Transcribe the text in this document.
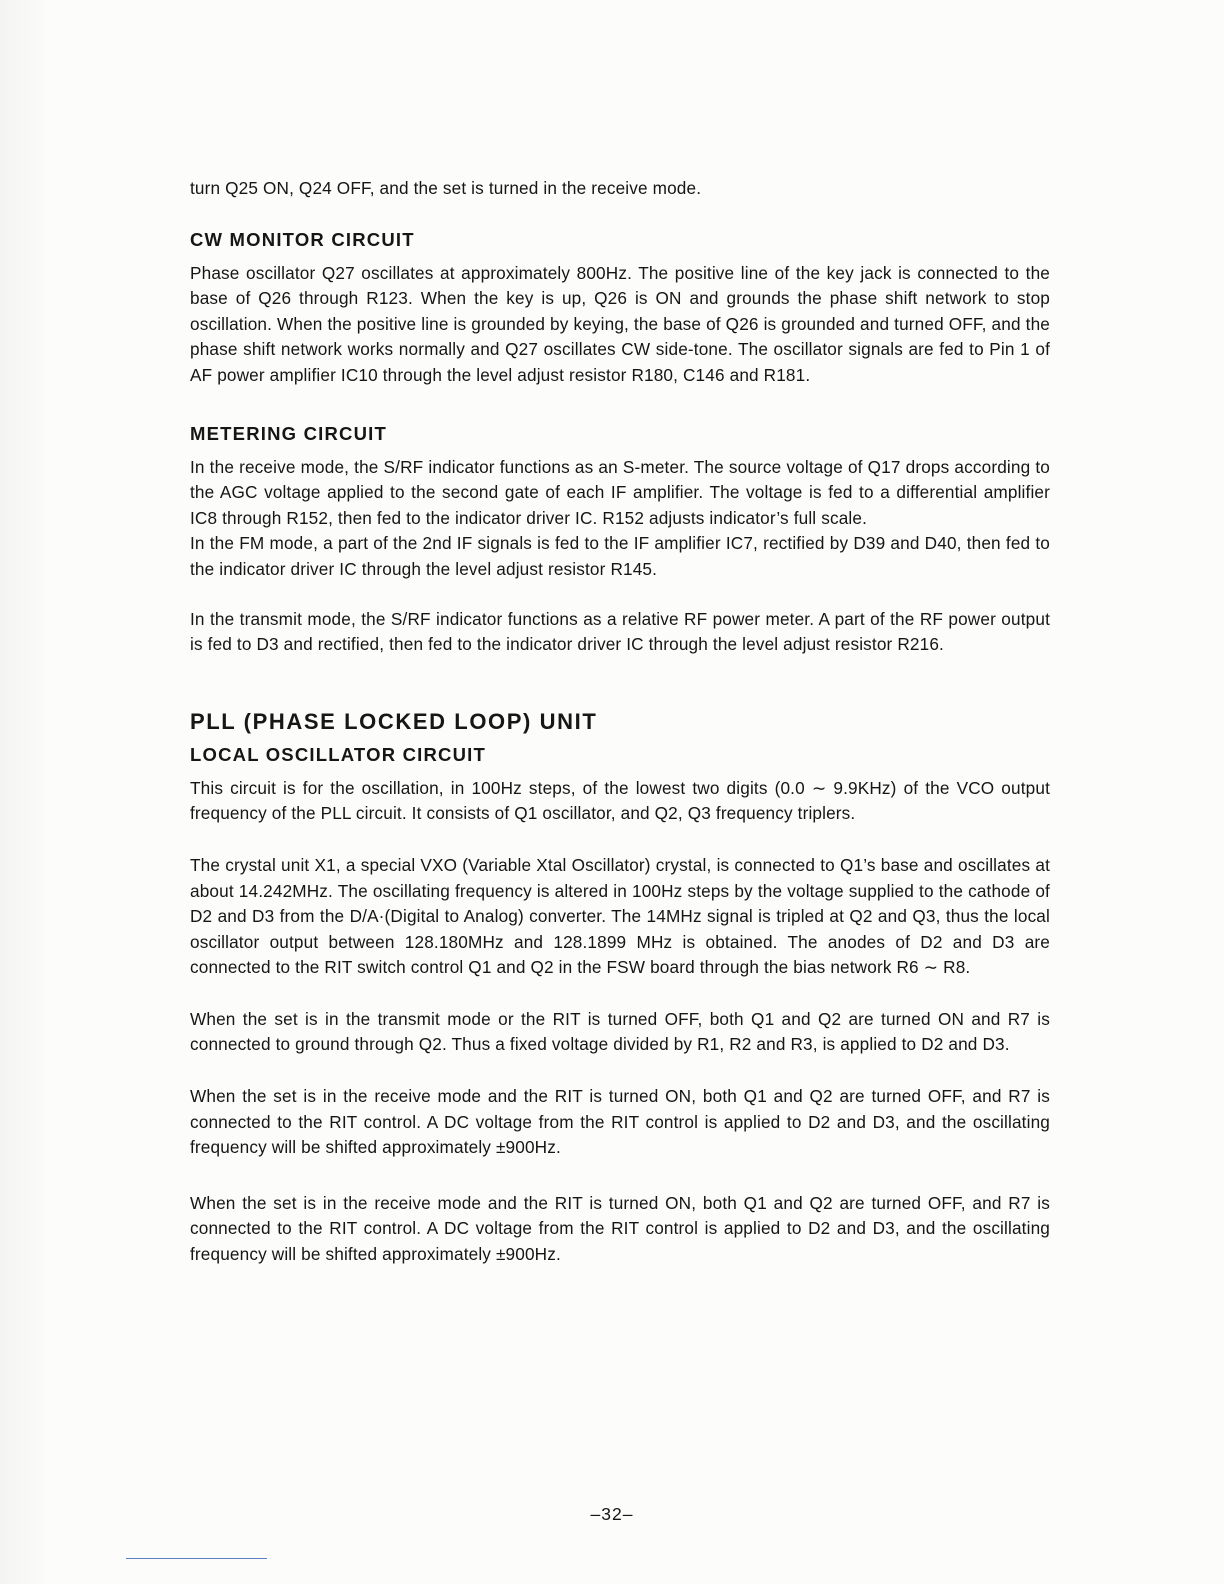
turn Q25 ON, Q24 OFF, and the set is turned in the receive mode.

CW MONITOR CIRCUIT

Phase oscillator Q27 oscillates at approximately 800Hz. The positive line of the key jack is connected to the base of Q26 through R123. When the key is up, Q26 is ON and grounds the phase shift network to stop oscillation. When the positive line is grounded by keying, the base of Q26 is grounded and turned OFF, and the phase shift network works normally and Q27 oscillates CW side-tone. The oscillator signals are fed to Pin 1 of AF power amplifier IC10 through the level adjust resistor R180, C146 and R181.

METERING CIRCUIT

In the receive mode, the S/RF indicator functions as an S-meter. The source voltage of Q17 drops according to the AGC voltage applied to the second gate of each IF amplifier. The voltage is fed to a differential amplifier IC8 through R152, then fed to the indicator driver IC. R152 adjusts indicator’s full scale.

In the FM mode, a part of the 2nd IF signals is fed to the IF amplifier IC7, rectified by D39 and D40, then fed to the indicator driver IC through the level adjust resistor R145.

In the transmit mode, the S/RF indicator functions as a relative RF power meter. A part of the RF power output is fed to D3 and rectified, then fed to the indicator driver IC through the level adjust resistor R216.

PLL (PHASE LOCKED LOOP) UNIT
LOCAL OSCILLATOR CIRCUIT

This circuit is for the oscillation, in 100Hz steps, of the lowest two digits (0.0 ∼ 9.9KHz) of the VCO output frequency of the PLL circuit. It consists of Q1 oscillator, and Q2, Q3 frequency triplers.

The crystal unit X1, a special VXO (Variable Xtal Oscillator) crystal, is connected to Q1’s base and oscillates at about 14.242MHz. The oscillating frequency is altered in 100Hz steps by the voltage supplied to the cathode of D2 and D3 from the D/A·(Digital to Analog) converter. The 14MHz signal is tripled at Q2 and Q3, thus the local oscillator output between 128.180MHz and 128.1899 MHz is obtained. The anodes of D2 and D3 are connected to the RIT switch control Q1 and Q2 in the FSW board through the bias network R6 ∼ R8.

When the set is in the transmit mode or the RIT is turned OFF, both Q1 and Q2 are turned ON and R7 is connected to ground through Q2. Thus a fixed voltage divided by R1, R2 and R3, is applied to D2 and D3.

When the set is in the receive mode and the RIT is turned ON, both Q1 and Q2 are turned OFF, and R7 is connected to the RIT control. A DC voltage from the RIT control is applied to D2 and D3, and the oscillating frequency will be shifted approximately ±900Hz.

When the set is in the receive mode and the RIT is turned ON, both Q1 and Q2 are turned OFF, and R7 is connected to the RIT control. A DC voltage from the RIT control is applied to D2 and D3, and the oscillating frequency will be shifted approximately ±900Hz.

–32–
